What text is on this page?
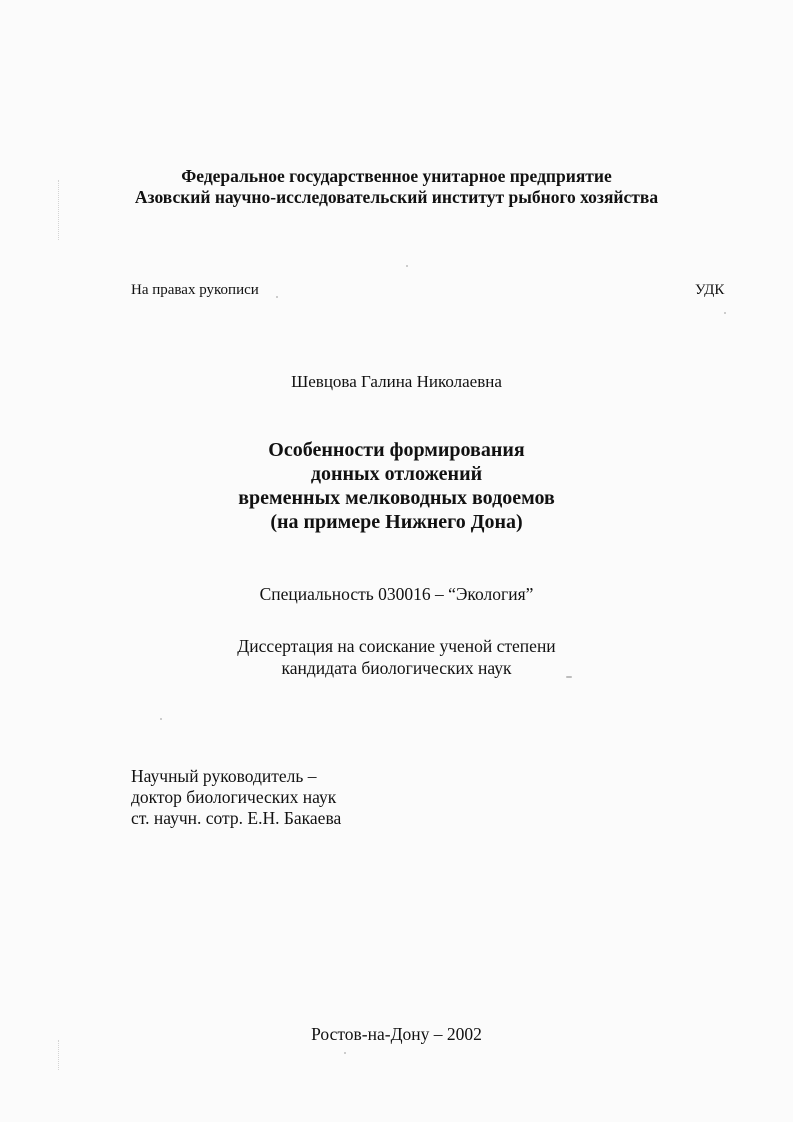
Федеральное государственное унитарное предприятие
Азовский научно-исследовательский институт рыбного хозяйства
На правах рукописи	УДК
Шевцова Галина Николаевна
Особенности формирования
донных отложений
временных мелководных водоемов
(на примере Нижнего Дона)
Специальность 030016 – “Экология”
Диссертация на соискание ученой степени
кандидата биологических наук
Научный руководитель –
доктор биологических наук
ст. научн. сотр. Е.Н. Бакаева
Ростов-на-Дону – 2002
